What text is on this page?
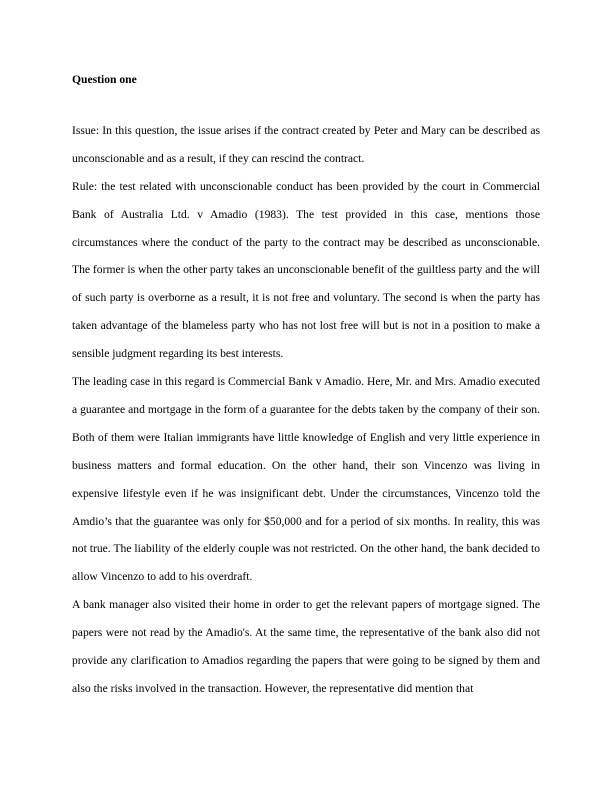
Question one

Issue: In this question, the issue arises if the contract created by Peter and Mary can be described as unconscionable and as a result, if they can rescind the contract.

Rule: the test related with unconscionable conduct has been provided by the court in Commercial Bank of Australia Ltd. v Amadio (1983). The test provided in this case, mentions those circumstances where the conduct of the party to the contract may be described as unconscionable. The former is when the other party takes an unconscionable benefit of the guiltless party and the will of such party is overborne as a result, it is not free and voluntary. The second is when the party has taken advantage of the blameless party who has not lost free will but is not in a position to make a sensible judgment regarding its best interests.

The leading case in this regard is Commercial Bank v Amadio. Here, Mr. and Mrs. Amadio executed a guarantee and mortgage in the form of a guarantee for the debts taken by the company of their son. Both of them were Italian immigrants have little knowledge of English and very little experience in business matters and formal education. On the other hand, their son Vincenzo was living in expensive lifestyle even if he was insignificant debt. Under the circumstances, Vincenzo told the Amdio’s that the guarantee was only for $50,000 and for a period of six months. In reality, this was not true. The liability of the elderly couple was not restricted. On the other hand, the bank decided to allow Vincenzo to add to his overdraft.

A bank manager also visited their home in order to get the relevant papers of mortgage signed. The papers were not read by the Amadio's. At the same time, the representative of the bank also did not provide any clarification to Amadios regarding the papers that were going to be signed by them and also the risks involved in the transaction. However, the representative did mention that
